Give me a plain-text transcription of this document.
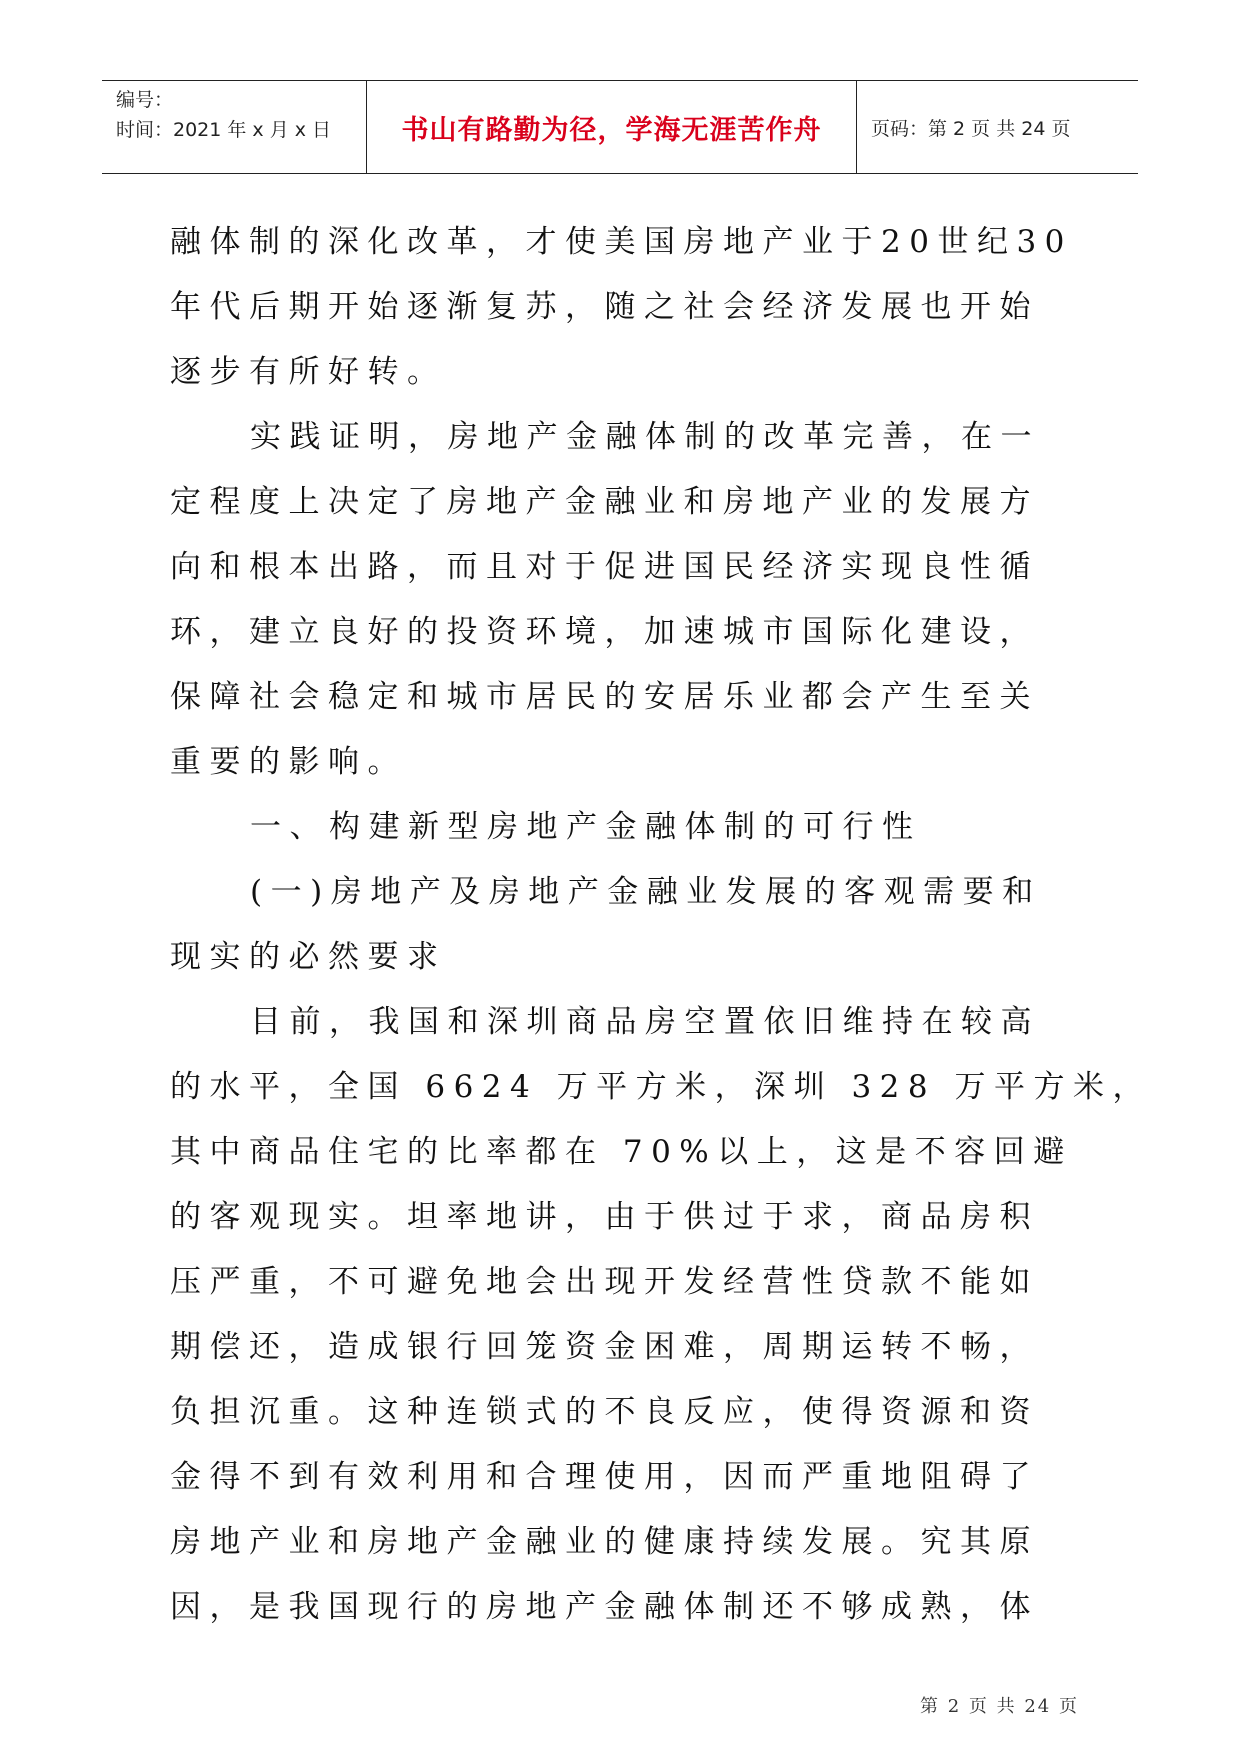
编号：
时间：2021 年 x 月 x 日	书山有路勤为径，学海无涯苦作舟	页码：第 2 页 共 24 页
融体制的深化改革，才使美国房地产业于20世纪30
年代后期开始逐渐复苏，随之社会经济发展也开始
逐步有所好转。
实践证明，房地产金融体制的改革完善，在一
定程度上决定了房地产金融业和房地产业的发展方
向和根本出路，而且对于促进国民经济实现良性循
环，建立良好的投资环境，加速城市国际化建设，
保障社会稳定和城市居民的安居乐业都会产生至关
重要的影响。
一、构建新型房地产金融体制的可行性
(一)房地产及房地产金融业发展的客观需要和
现实的必然要求
目前，我国和深圳商品房空置依旧维持在较高
的水平，全国 6624 万平方米，深圳 328 万平方米，
其中商品住宅的比率都在 70%以上，这是不容回避
的客观现实。坦率地讲，由于供过于求，商品房积
压严重，不可避免地会出现开发经营性贷款不能如
期偿还，造成银行回笼资金困难，周期运转不畅，
负担沉重。这种连锁式的不良反应，使得资源和资
金得不到有效利用和合理使用，因而严重地阻碍了
房地产业和房地产金融业的健康持续发展。究其原
因，是我国现行的房地产金融体制还不够成熟，体
第 2 页 共 24 页
